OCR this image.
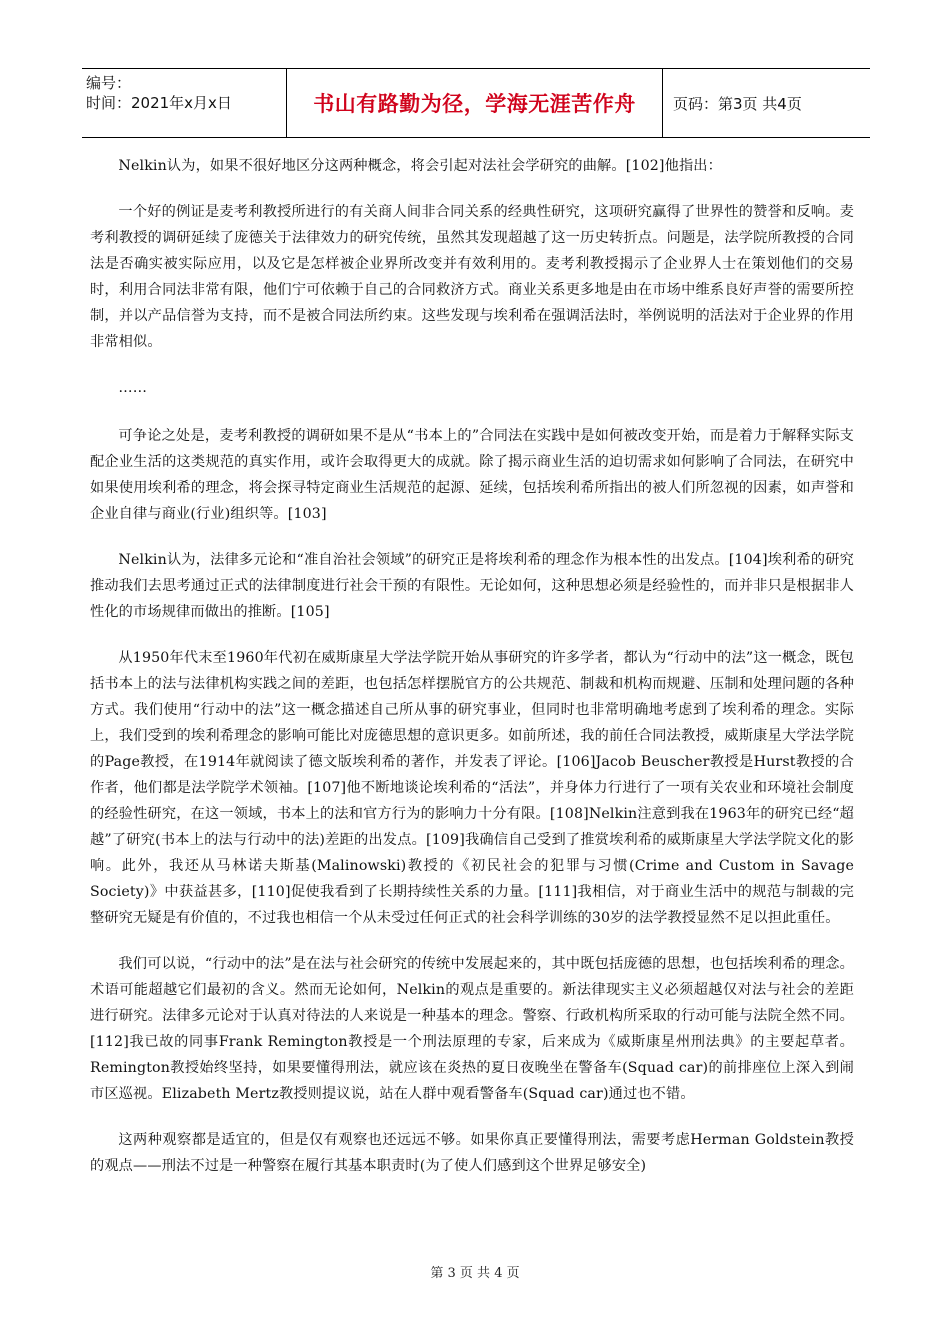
编号：
时间：2021年x月x日	书山有路勤为径，学海无涯苦作舟	页码：第3页 共4页

Nelkin认为，如果不很好地区分这两种概念，将会引起对法社会学研究的曲解。[102]他指出：

一个好的例证是麦考利教授所进行的有关商人间非合同关系的经典性研究，这项研究赢得了世界性的赞誉和反响。麦考利教授的调研延续了庞德关于法律效力的研究传统，虽然其发现超越了这一历史转折点。问题是，法学院所教授的合同法是否确实被实际应用，以及它是怎样被企业界所改变并有效利用的。麦考利教授揭示了企业界人士在策划他们的交易时，利用合同法非常有限，他们宁可依赖于自己的合同救济方式。商业关系更多地是由在市场中维系良好声誉的需要所控制，并以产品信誉为支持，而不是被合同法所约束。这些发现与埃利希在强调活法时，举例说明的活法对于企业界的作用非常相似。

……

可争论之处是，麦考利教授的调研如果不是从“书本上的”合同法在实践中是如何被改变开始，而是着力于解释实际支配企业生活的这类规范的真实作用，或许会取得更大的成就。除了揭示商业生活的迫切需求如何影响了合同法，在研究中如果使用埃利希的理念，将会探寻特定商业生活规范的起源、延续，包括埃利希所指出的被人们所忽视的因素，如声誉和企业自律与商业(行业)组织等。[103]

Nelkin认为，法律多元论和“准自治社会领域”的研究正是将埃利希的理念作为根本性的出发点。[104]埃利希的研究推动我们去思考通过正式的法律制度进行社会干预的有限性。无论如何，这种思想必须是经验性的，而并非只是根据非人性化的市场规律而做出的推断。[105]

从1950年代末至1960年代初在威斯康星大学法学院开始从事研究的许多学者，都认为“行动中的法”这一概念，既包括书本上的法与法律机构实践之间的差距，也包括怎样摆脱官方的公共规范、制裁和机构而规避、压制和处理问题的各种方式。我们使用“行动中的法”这一概念描述自己所从事的研究事业，但同时也非常明确地考虑到了埃利希的理念。实际上，我们受到的埃利希理念的影响可能比对庞德思想的意识更多。如前所述，我的前任合同法教授，威斯康星大学法学院的Page教授，在1914年就阅读了德文版埃利希的著作，并发表了评论。[106]Jacob Beuscher教授是Hurst教授的合作者，他们都是法学院学术领袖。[107]他不断地谈论埃利希的“活法”，并身体力行进行了一项有关农业和环境社会制度的经验性研究，在这一领域，书本上的法和官方行为的影响力十分有限。[108]Nelkin注意到我在1963年的研究已经“超越”了研究(书本上的法与行动中的法)差距的出发点。[109]我确信自己受到了推赏埃利希的威斯康星大学法学院文化的影响。此外，我还从马林诺夫斯基(Malinowski)教授的《初民社会的犯罪与习惯(Crime and Custom in Savage Society)》中获益甚多，[110]促使我看到了长期持续性关系的力量。[111]我相信，对于商业生活中的规范与制裁的完整研究无疑是有价值的，不过我也相信一个从未受过任何正式的社会科学训练的30岁的法学教授显然不足以担此重任。

我们可以说，“行动中的法”是在法与社会研究的传统中发展起来的，其中既包括庞德的思想，也包括埃利希的理念。术语可能超越它们最初的含义。然而无论如何，Nelkin的观点是重要的。新法律现实主义必须超越仅对法与社会的差距进行研究。法律多元论对于认真对待法的人来说是一种基本的理念。警察、行政机构所采取的行动可能与法院全然不同。[112]我已故的同事Frank Remington教授是一个刑法原理的专家，后来成为《威斯康星州刑法典》的主要起草者。Remington教授始终坚持，如果要懂得刑法，就应该在炎热的夏日夜晚坐在警备车(Squad car)的前排座位上深入到闹市区巡视。Elizabeth Mertz教授则提议说，站在人群中观看警备车(Squad car)通过也不错。

这两种观察都是适宜的，但是仅有观察也还远远不够。如果你真正要懂得刑法，需要考虑Herman Goldstein教授的观点——刑法不过是一种警察在履行其基本职责时(为了使人们感到这个世界足够安全)

第 3 页 共 4 页
